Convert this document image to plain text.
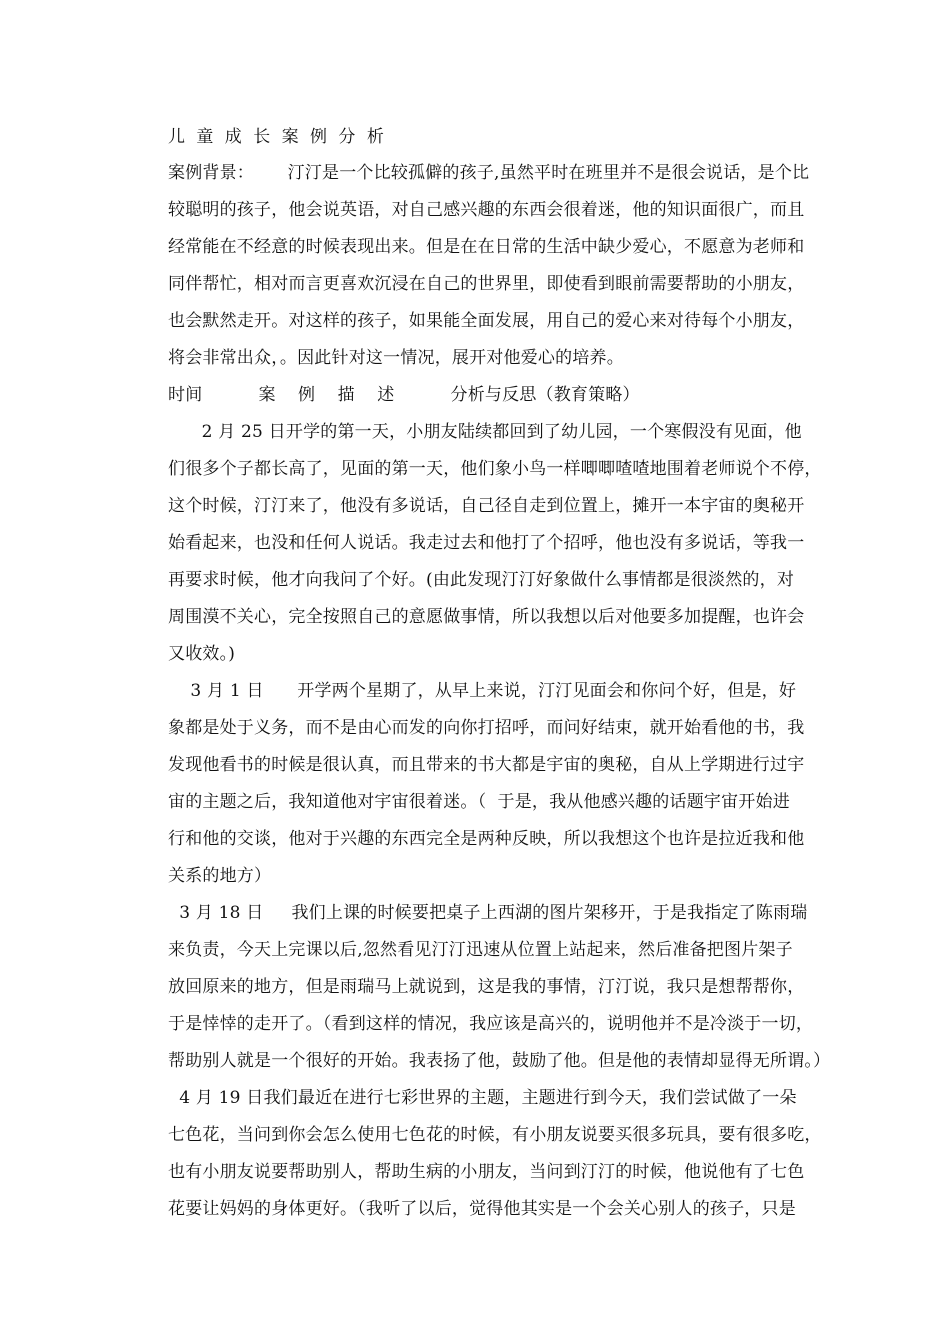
儿 童 成 长 案 例 分 析
案例背景：      汀汀是一个比较孤僻的孩子,虽然平时在班里并不是很会说话，是个比
较聪明的孩子，他会说英语，对自己感兴趣的东西会很着迷，他的知识面很广，而且
经常能在不经意的时候表现出来。但是在在日常的生活中缺少爱心，不愿意为老师和
同伴帮忙，相对而言更喜欢沉浸在自己的世界里，即使看到眼前需要帮助的小朋友，
也会默然走开。对这样的孩子，如果能全面发展，用自己的爱心来对待每个小朋友，
将会非常出众，。因此针对这一情况，展开对他爱心的培养。
时间          案    例    描    述          分析与反思（教育策略）
2 月 25 日开学的第一天，小朋友陆续都回到了幼儿园，一个寒假没有见面，他
们很多个子都长高了，见面的第一天，他们象小鸟一样唧唧喳喳地围着老师说个不停，
这个时候，汀汀来了，他没有多说话，自己径自走到位置上，摊开一本宇宙的奥秘开
始看起来，也没和任何人说话。我走过去和他打了个招呼，他也没有多说话，等我一
再要求时候，他才向我问了个好。(由此发现汀汀好象做什么事情都是很淡然的，对
周围漠不关心，完全按照自己的意愿做事情，所以我想以后对他要多加提醒，也许会
又收效。)
3 月 1 日      开学两个星期了，从早上来说，汀汀见面会和你问个好，但是，好
象都是处于义务，而不是由心而发的向你打招呼，而问好结束，就开始看他的书，我
发现他看书的时候是很认真，而且带来的书大都是宇宙的奥秘，自从上学期进行过宇
宙的主题之后，我知道他对宇宙很着迷。（  于是，我从他感兴趣的话题宇宙开始进
行和他的交谈，他对于兴趣的东西完全是两种反映，所以我想这个也许是拉近我和他
关系的地方）
3 月 18 日     我们上课的时候要把桌子上西湖的图片架移开，于是我指定了陈雨瑞
来负责，今天上完课以后,忽然看见汀汀迅速从位置上站起来，然后准备把图片架子
放回原来的地方，但是雨瑞马上就说到，这是我的事情，汀汀说，我只是想帮帮你，
于是悻悻的走开了。（看到这样的情况，我应该是高兴的，说明他并不是冷淡于一切，
帮助别人就是一个很好的开始。我表扬了他，鼓励了他。但是他的表情却显得无所谓。）
4 月 19 日我们最近在进行七彩世界的主题，主题进行到今天，我们尝试做了一朵
七色花，当问到你会怎么使用七色花的时候，有小朋友说要买很多玩具，要有很多吃，
也有小朋友说要帮助别人，帮助生病的小朋友，当问到汀汀的时候，他说他有了七色
花要让妈妈的身体更好。（我听了以后，觉得他其实是一个会关心别人的孩子，只是
